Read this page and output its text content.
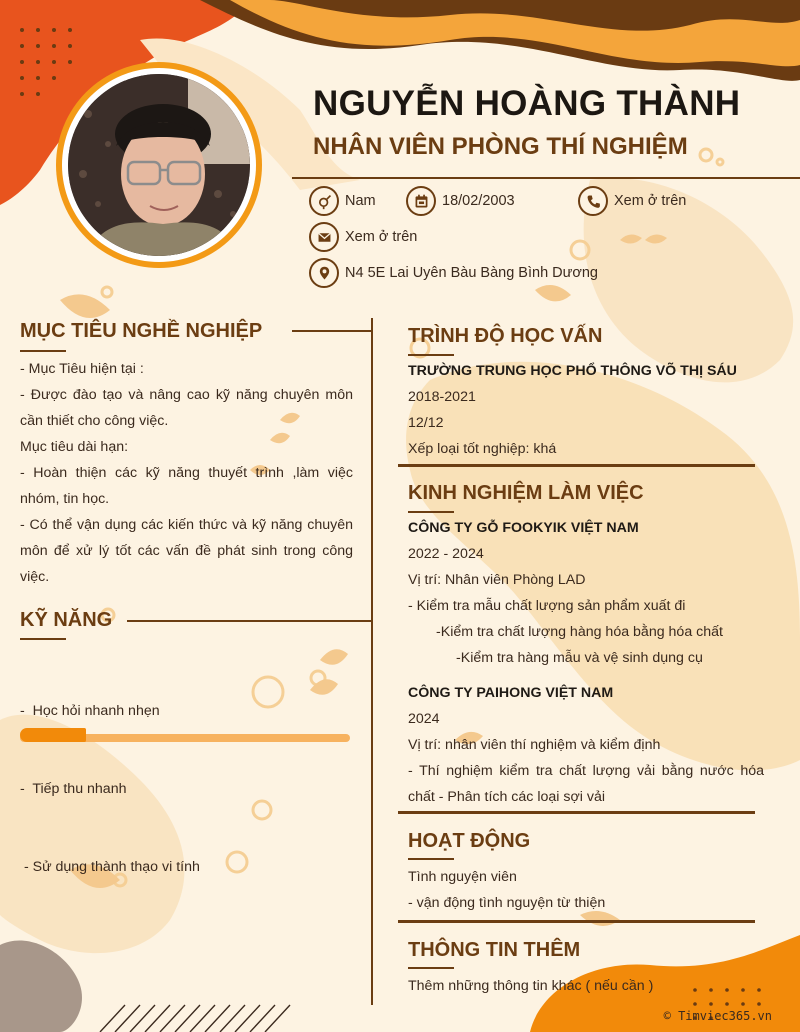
NGUYỄN HOÀNG THÀNH
NHÂN VIÊN PHÒNG THÍ NGHIỆM
Nam	18/02/2003	Xem ở trên
Xem ở trên
N4 5E Lai Uyên Bàu Bàng Bình Dương
MỤC TIÊU NGHỀ NGHIỆP
- Mục Tiêu hiện tại :
- Được đào tạo và nâng cao kỹ năng chuyên môn cần thiết cho công việc.
Mục tiêu dài hạn:
- Hoàn thiện các kỹ năng thuyết trình ,làm việc nhóm, tin học.
- Có thể vận dụng các kiến thức và kỹ năng chuyên môn để xử lý tốt các vấn đề phát sinh trong công việc.
KỸ NĂNG

-  Học hỏi nhanh nhẹn

-  Tiếp thu nhanh

- Sử dụng thành thạo vi tính

TRÌNH ĐỘ HỌC VẤN
TRƯỜNG TRUNG HỌC PHỔ THÔNG VÕ THỊ SÁU
2018-2021
12/12
Xếp loại tốt nghiệp: khá
KINH NGHIỆM LÀM VIỆC
CÔNG TY GỖ FOOKYIK VIỆT NAM
2022 - 2024
Vị trí: Nhân viên Phòng LAD
- Kiểm tra mẫu chất lượng sản phẩm xuất đi
-Kiểm tra chất lượng hàng hóa bằng hóa chất
-Kiểm tra hàng mẫu và vệ sinh dụng cụ
CÔNG TY PAIHONG VIỆT NAM
2024
Vị trí: nhân viên thí nghiệm và kiểm định
- Thí nghiệm kiểm tra chất lượng vải bằng nước hóa chất - Phân tích các loại sợi vải
HOẠT ĐỘNG
Tình nguyện viên
- vận động tình nguyện từ thiện
THÔNG TIN THÊM
Thêm những thông tin khác ( nếu cần )
© Timviec365.vn
